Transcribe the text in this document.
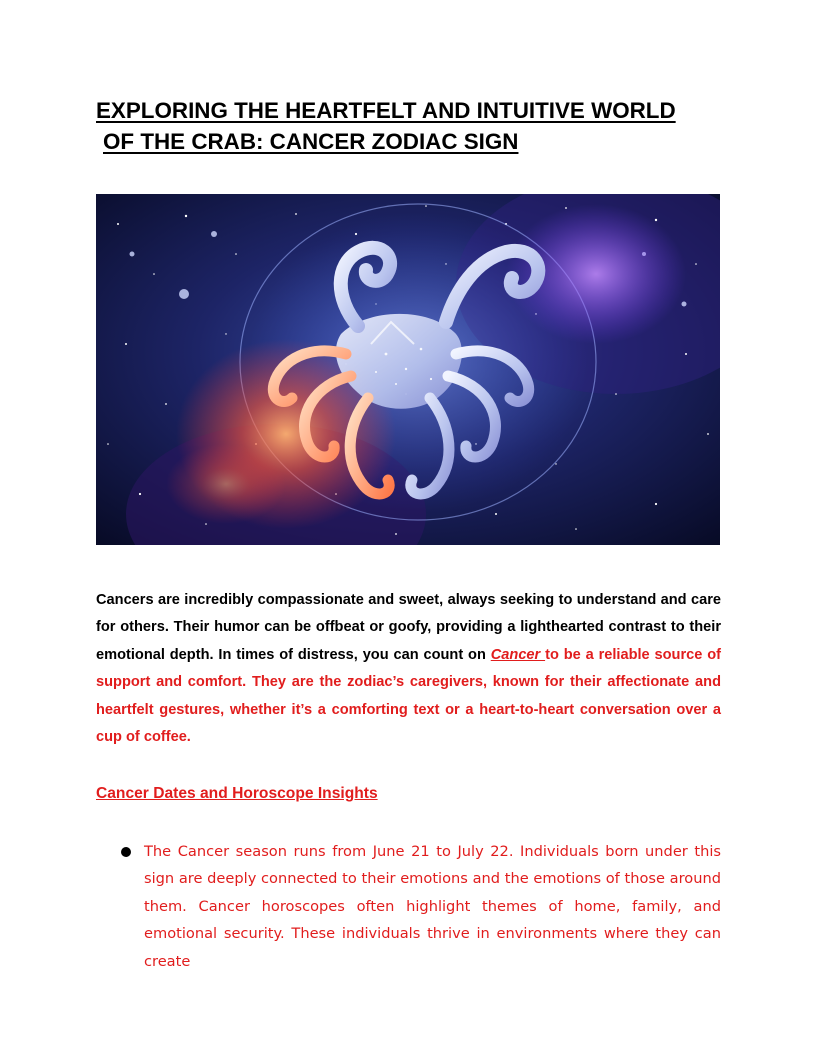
EXPLORING THE HEARTFELT AND INTUITIVE WORLD
OF THE CRAB: CANCER ZODIAC SIGN

Cancers are incredibly compassionate and sweet, always seeking to understand and care for others. Their humor can be offbeat or goofy, providing a lighthearted contrast to their emotional depth. In times of distress, you can count on Cancer to be a reliable source of support and comfort. They are the zodiac’s caregivers, known for their affectionate and heartfelt gestures, whether it’s a comforting text or a heart-to-heart conversation over a cup of coffee.

Cancer Dates and Horoscope Insights
The Cancer season runs from June 21 to July 22. Individuals born under this sign are deeply connected to their emotions and the emotions of those around them. Cancer horoscopes often highlight themes of home, family, and emotional security. These individuals thrive in environments where they can create
